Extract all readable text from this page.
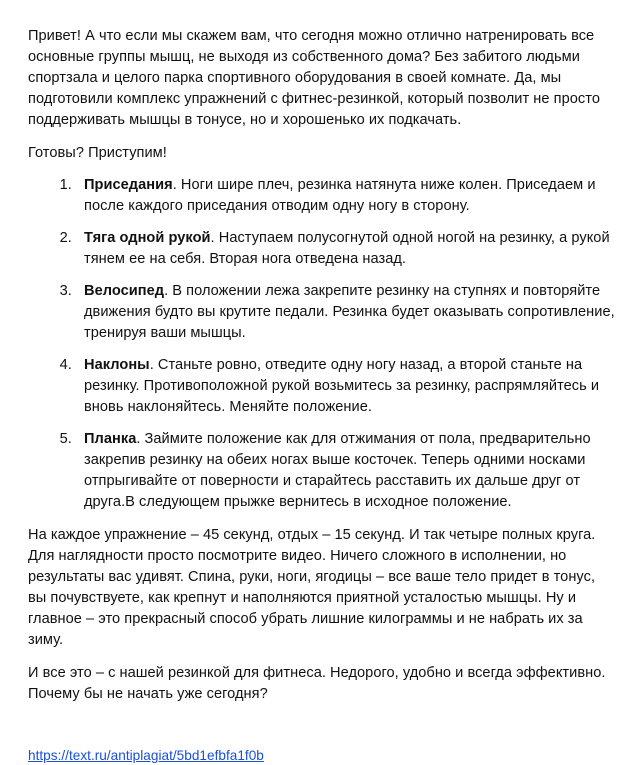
Привет! А что если мы скажем вам, что сегодня можно отлично натренировать все основные группы мышц, не выходя из собственного дома? Без забитого людьми спортзала и целого парка спортивного оборудования в своей комнате. Да, мы подготовили комплекс упражнений с фитнес-резинкой, который позволит не просто поддерживать мышцы в тонусе, но и хорошенько их подкачать.

Готовы? Приступим!

1. Приседания. Ноги шире плеч, резинка натянута ниже колен. Приседаем и после каждого приседания отводим одну ногу в сторону.
2. Тяга одной рукой. Наступаем полусогнутой одной ногой на резинку, а рукой тянем ее на себя. Вторая нога отведена назад.
3. Велосипед. В положении лежа закрепите резинку на ступнях и повторяйте движения будто вы крутите педали. Резинка будет оказывать сопротивление, тренируя ваши мышцы.
4. Наклоны. Станьте ровно, отведите одну ногу назад, а второй станьте на резинку. Противоположной рукой возьмитесь за резинку, распрямляйтесь и вновь наклоняйтесь. Меняйте положение.
5. Планка. Займите положение как для отжимания от пола, предварительно закрепив резинку на обеих ногах выше косточек. Теперь одними носками отпрыгивайте от поверности и старайтесь расставить их дальше друг от друга.В следующем прыжке вернитесь в исходное положение.

На каждое упражнение – 45 секунд, отдых – 15 секунд. И так четыре полных круга. Для наглядности просто посмотрите видео. Ничего сложного в исполнении, но результаты вас удивят. Спина, руки, ноги, ягодицы – все ваше тело придет в тонус, вы почувствуете, как крепнут и наполняются приятной усталостью мышцы. Ну и главное – это прекрасный способ убрать лишние килограммы и не набрать их за зиму.

И все это – с нашей резинкой для фитнеса. Недорого, удобно и всегда эффективно. Почему бы не начать уже сегодня?

https://text.ru/antiplagiat/5bd1efbfa1f0b
